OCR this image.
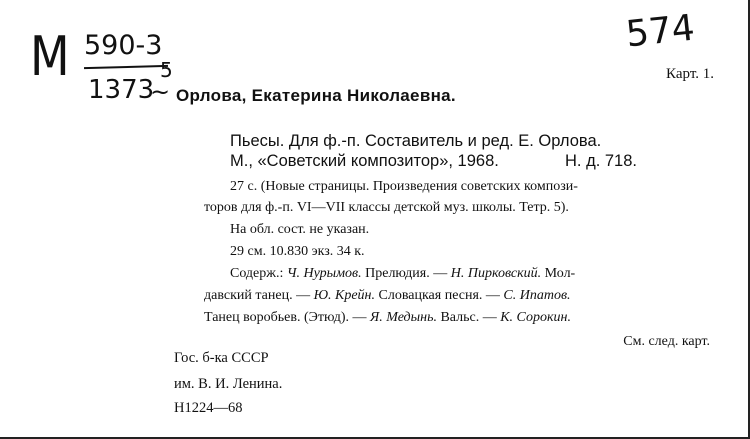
М 590-3
1373
5
~
574
Карт. 1.
Орлова, Екатерина Николаевна.
Пьесы. Для ф.-п. Составитель и ред. Е. Орлова.
М., «Советский композитор», 1968.	Н. д. 718.
27 с. (Новые страницы. Произведения советских компози-
торов для ф.-п. VI—VII классы детской муз. школы. Тетр. 5).
На обл. сост. не указан.
29 см. 10.830 экз. 34 к.
Содерж.: Ч. Нурымов. Прелюдия. — Н. Пирковский. Мол-
давский танец. — Ю. Крейн. Словацкая песня. — С. Ипатов.
Танец воробьев. (Этюд). — Я. Медынь. Вальс. — К. Сорокин.
См. след. карт.
Гос. б-ка СССР
им. В. И. Ленина.
Н1224—68
